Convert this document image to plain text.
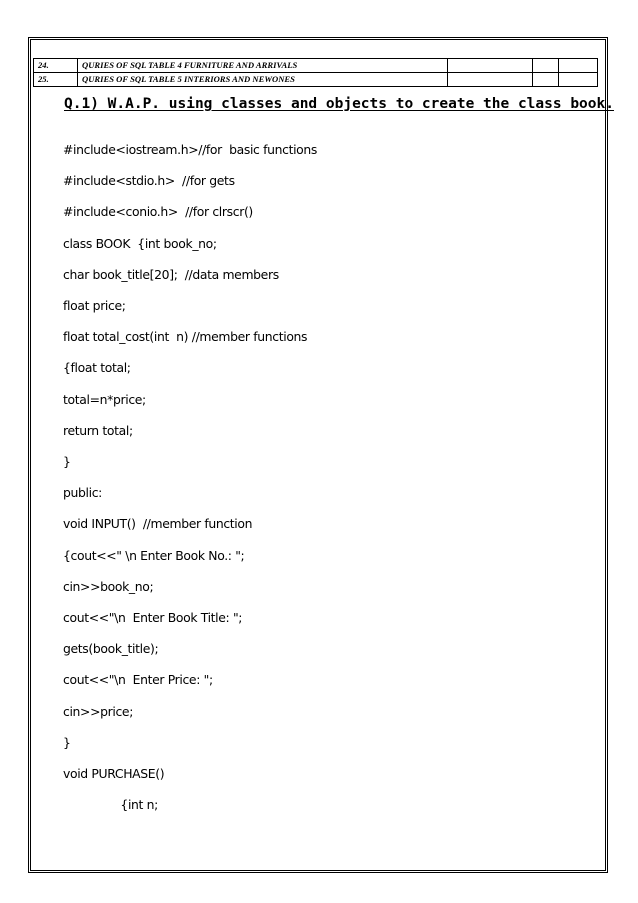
24.	QURIES OF SQL TABLE 4 FURNITURE AND ARRIVALS			
25.	QURIES OF SQL TABLE 5 INTERIORS AND NEWONES			
Q.1) W.A.P. using classes and objects to create the class book.
#include<iostream.h>//for  basic functions
#include<stdio.h>  //for gets
#include<conio.h>  //for clrscr()
class BOOK  {int book_no;
char book_title[20];  //data members
float price;
float total_cost(int  n) //member functions
{float total;
total=n*price;
return total;
}
public:
void INPUT()  //member function
{cout<<" \n Enter Book No.: ";
cin>>book_no;
cout<<"\n  Enter Book Title: ";
gets(book_title);
cout<<"\n  Enter Price: ";
cin>>price;
}
void PURCHASE()
{int n;
